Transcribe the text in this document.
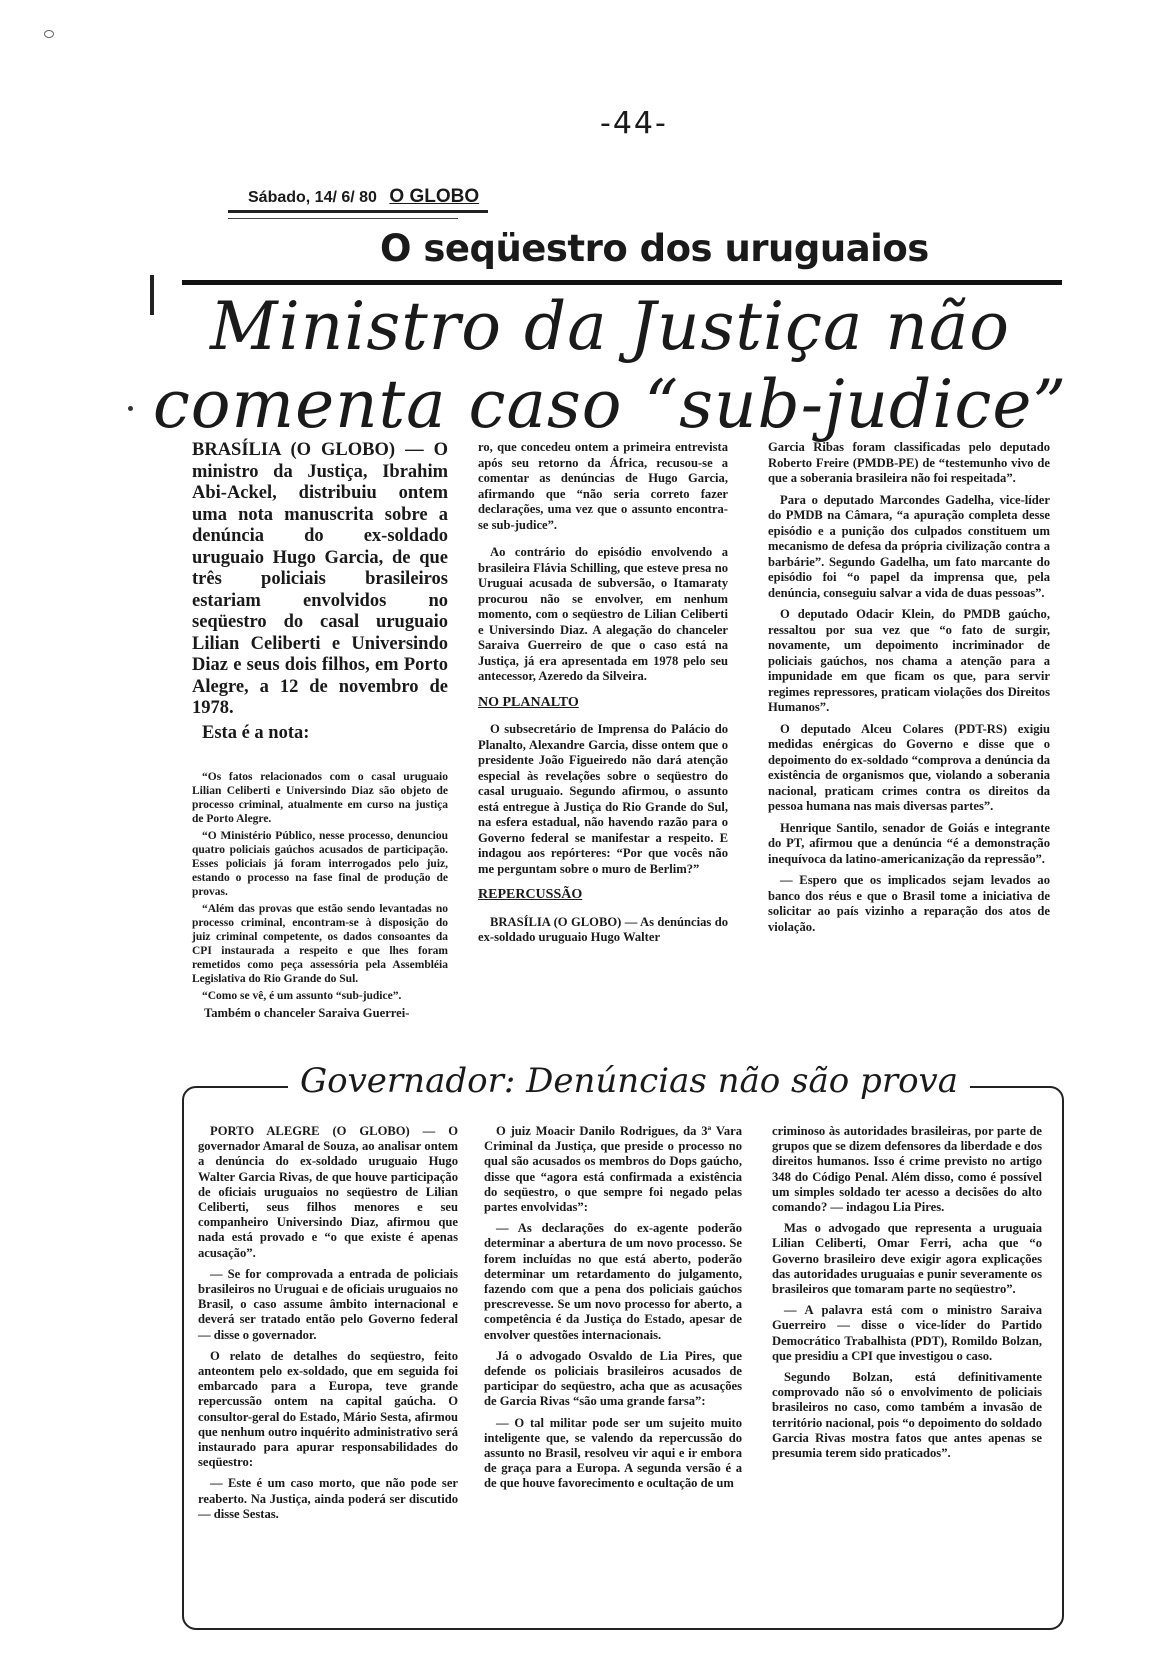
-44-
Sábado, 14/ 6/ 80 O GLOBO
O seqüestro dos uruguaios
Ministro da Justiça não comenta caso “sub-judice”

BRASÍLIA (O GLOBO) — O ministro da Justiça, Ibrahim Abi-Ackel, distribuiu ontem uma nota manuscrita sobre a denúncia do ex-soldado uruguaio Hugo Garcia, de que três policiais brasileiros estariam envolvidos no seqüestro do casal uruguaio Lilian Celiberti e Universindo Diaz e seus dois filhos, em Porto Alegre, a 12 de novembro de 1978.

Esta é a nota:

“Os fatos relacionados com o casal uruguaio Lilian Celiberti e Universindo Diaz são objeto de processo criminal, atualmente em curso na justiça de Porto Alegre.

“O Ministério Público, nesse processo, denunciou quatro policiais gaúchos acusados de participação. Esses policiais já foram interrogados pelo juiz, estando o processo na fase final de produção de provas.

“Além das provas que estão sendo levantadas no processo criminal, encontram-se à disposição do juiz criminal competente, os dados consoantes da CPI instaurada a respeito e que lhes foram remetidos como peça assessória pela Assembléia Legislativa do Rio Grande do Sul.

“Como se vê, é um assunto “sub-judice”.

Também o chanceler Saraiva Guerrei-

ro, que concedeu ontem a primeira entrevista após seu retorno da África, recusou-se a comentar as denúncias de Hugo Garcia, afirmando que “não seria correto fazer declarações, uma vez que o assunto encontra-se sub-judice”.

Ao contrário do episódio envolvendo a brasileira Flávia Schilling, que esteve presa no Uruguai acusada de subversão, o Itamaraty procurou não se envolver, em nenhum momento, com o seqüestro de Lilian Celiberti e Universindo Diaz. A alegação do chanceler Saraiva Guerreiro de que o caso está na Justiça, já era apresentada em 1978 pelo seu antecessor, Azeredo da Silveira.

NO PLANALTO

O subsecretário de Imprensa do Palácio do Planalto, Alexandre Garcia, disse ontem que o presidente João Figueiredo não dará atenção especial às revelações sobre o seqüestro do casal uruguaio. Segundo afirmou, o assunto está entregue à Justiça do Rio Grande do Sul, na esfera estadual, não havendo razão para o Governo federal se manifestar a respeito. E indagou aos repórteres: “Por que vocês não me perguntam sobre o muro de Berlim?”

REPERCUSSÃO

BRASÍLIA (O GLOBO) — As denúncias do ex-soldado uruguaio Hugo Walter

Garcia Ribas foram classificadas pelo deputado Roberto Freire (PMDB-PE) de “testemunho vivo de que a soberania brasileira não foi respeitada”.

Para o deputado Marcondes Gadelha, vice-líder do PMDB na Câmara, “a apuração completa desse episódio e a punição dos culpados constituem um mecanismo de defesa da própria civilização contra a barbárie”. Segundo Gadelha, um fato marcante do episódio foi “o papel da imprensa que, pela denúncia, conseguiu salvar a vida de duas pessoas”.

O deputado Odacir Klein, do PMDB gaúcho, ressaltou por sua vez que “o fato de surgir, novamente, um depoimento incriminador de policiais gaúchos, nos chama a atenção para a impunidade em que ficam os que, para servir regimes repressores, praticam violações dos Direitos Humanos”.

O deputado Alceu Colares (PDT-RS) exigiu medidas enérgicas do Governo e disse que o depoimento do ex-soldado “comprova a denúncia da existência de organismos que, violando a soberania nacional, praticam crimes contra os direitos da pessoa humana nas mais diversas partes”.

Henrique Santilo, senador de Goiás e integrante do PT, afirmou que a denúncia “é a demonstração inequívoca da latino-americanização da repressão”.

— Espero que os implicados sejam levados ao banco dos réus e que o Brasil tome a iniciativa de solicitar ao país vizinho a reparação dos atos de violação.

Governador: Denúncias não são prova

PORTO ALEGRE (O GLOBO) — O governador Amaral de Souza, ao analisar ontem a denúncia do ex-soldado uruguaio Hugo Walter Garcia Rivas, de que houve participação de oficiais uruguaios no seqüestro de Lilian Celiberti, seus filhos menores e seu companheiro Universindo Diaz, afirmou que nada está provado e “o que existe é apenas acusação”.

— Se for comprovada a entrada de policiais brasileiros no Uruguai e de oficiais uruguaios no Brasil, o caso assume âmbito internacional e deverá ser tratado então pelo Governo federal — disse o governador.

O relato de detalhes do seqüestro, feito anteontem pelo ex-soldado, que em seguida foi embarcado para a Europa, teve grande repercussão ontem na capital gaúcha. O consultor-geral do Estado, Mário Sesta, afirmou que nenhum outro inquérito administrativo será instaurado para apurar responsabilidades do seqüestro:

— Este é um caso morto, que não pode ser reaberto. Na Justiça, ainda poderá ser discutido — disse Sestas.

O juiz Moacir Danilo Rodrigues, da 3ª Vara Criminal da Justiça, que preside o processo no qual são acusados os membros do Dops gaúcho, disse que “agora está confirmada a existência do seqüestro, o que sempre foi negado pelas partes envolvidas”:

— As declarações do ex-agente poderão determinar a abertura de um novo processo. Se forem incluídas no que está aberto, poderão determinar um retardamento do julgamento, fazendo com que a pena dos policiais gaúchos prescrevesse. Se um novo processo for aberto, a competência é da Justiça do Estado, apesar de envolver questões internacionais.

Já o advogado Osvaldo de Lia Pires, que defende os policiais brasileiros acusados de participar do seqüestro, acha que as acusações de Garcia Rivas “são uma grande farsa”:

— O tal militar pode ser um sujeito muito inteligente que, se valendo da repercussão do assunto no Brasil, resolveu vir aqui e ir embora de graça para a Europa. A segunda versão é a de que houve favorecimento e ocultação de um

criminoso às autoridades brasileiras, por parte de grupos que se dizem defensores da liberdade e dos direitos humanos. Isso é crime previsto no artigo 348 do Código Penal. Além disso, como é possível um simples soldado ter acesso a decisões do alto comando? — indagou Lia Pires.

Mas o advogado que representa a uruguaia Lilian Celiberti, Omar Ferri, acha que “o Governo brasileiro deve exigir agora explicações das autoridades uruguaias e punir severamente os brasileiros que tomaram parte no seqüestro”.

— A palavra está com o ministro Saraiva Guerreiro — disse o vice-líder do Partido Democrático Trabalhista (PDT), Romildo Bolzan, que presidiu a CPI que investigou o caso.

Segundo Bolzan, está definitivamente comprovado não só o envolvimento de policiais brasileiros no caso, como também a invasão de território nacional, pois “o depoimento do soldado Garcia Rivas mostra fatos que antes apenas se presumia terem sido praticados”.
